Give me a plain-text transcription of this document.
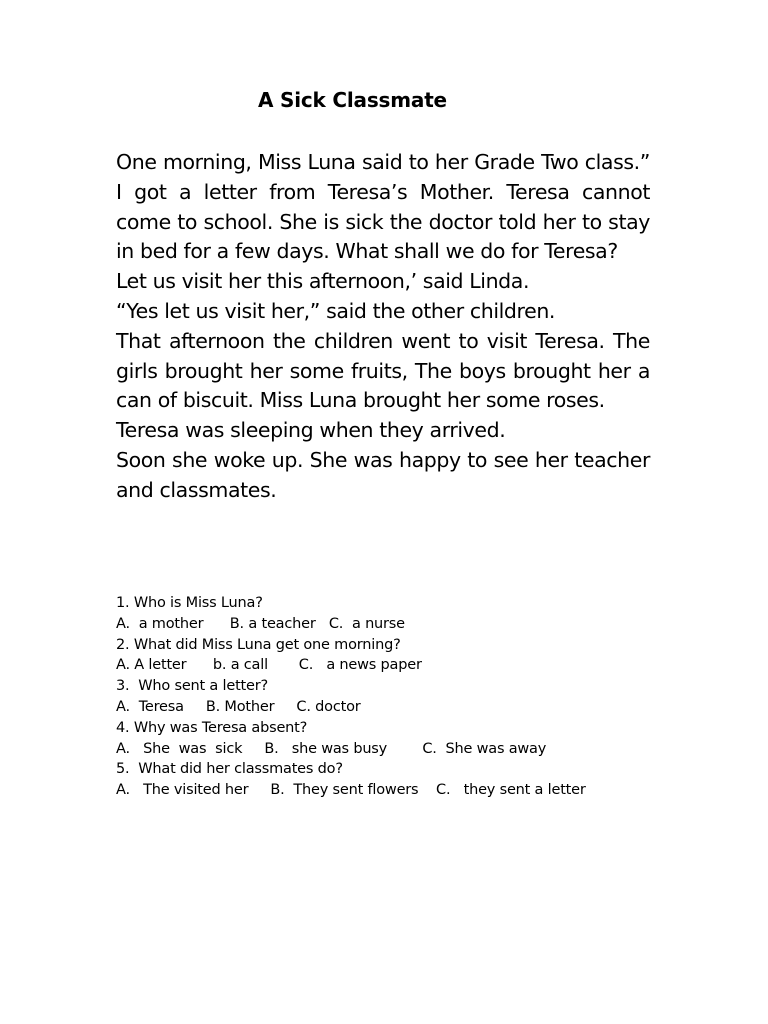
A Sick Classmate

One morning, Miss Luna said to her Grade Two class.” I got a letter from Teresa’s Mother. Teresa cannot come to school. She is sick the doctor told her to stay in bed for a few days. What shall we do for Teresa?

Let us visit her this afternoon,’ said Linda.

“Yes let us visit her,” said the other children.

That afternoon the children went to visit Teresa. The girls brought her some fruits, The boys brought her a can of biscuit. Miss Luna brought her some roses.

Teresa was sleeping when they arrived.

Soon she woke up. She was happy to see her teacher and classmates.

1. Who is Miss Luna?
A.  a mother      B. a teacher   C.  a nurse
2. What did Miss Luna get one morning?
A. A letter      b. a call       C.   a news paper
3.  Who sent a letter?
A.  Teresa     B. Mother     C. doctor
4. Why was Teresa absent?
A.   She  was  sick     B.   she was busy        C.  She was away
5.  What did her classmates do?
A.   The visited her     B.  They sent flowers    C.   they sent a letter
